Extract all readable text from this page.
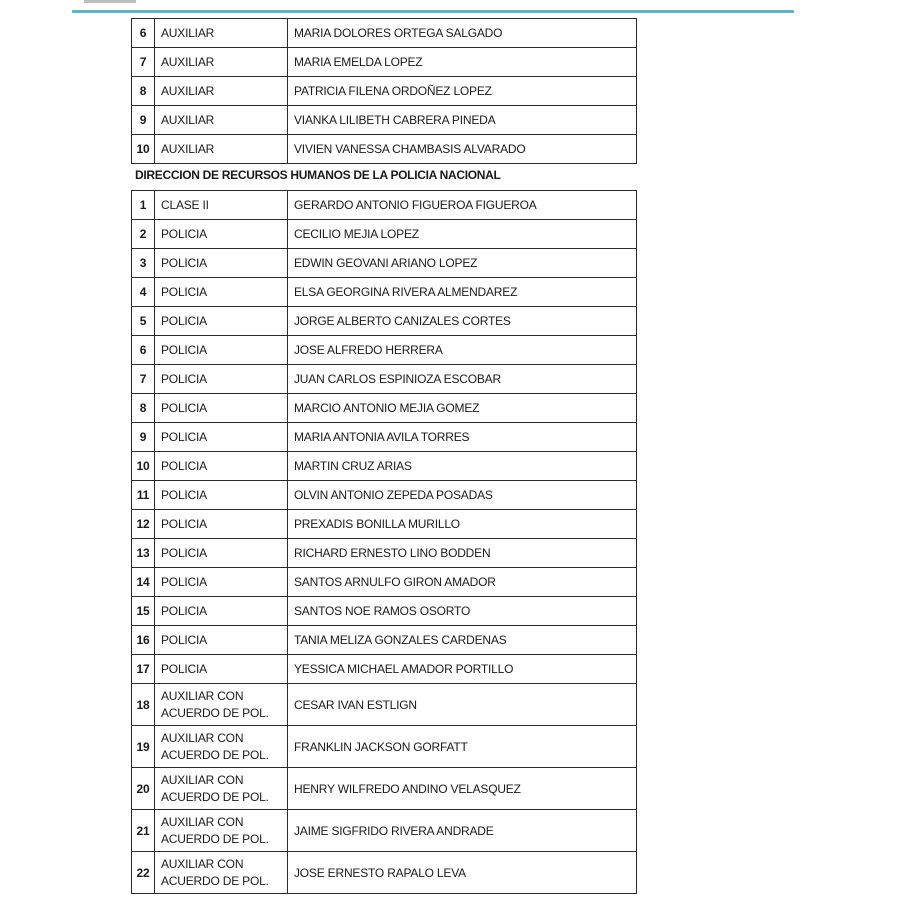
6	AUXILIAR	MARIA DOLORES ORTEGA SALGADO
7	AUXILIAR	MARIA EMELDA LOPEZ
8	AUXILIAR	PATRICIA FILENA ORDOÑEZ LOPEZ
9	AUXILIAR	VIANKA LILIBETH CABRERA PINEDA
10	AUXILIAR	VIVIEN VANESSA CHAMBASIS ALVARADO
DIRECCION DE RECURSOS HUMANOS DE LA POLICIA NACIONAL
1	CLASE II	GERARDO ANTONIO FIGUEROA FIGUEROA
2	POLICIA	CECILIO MEJIA LOPEZ
3	POLICIA	EDWIN GEOVANI ARIANO LOPEZ
4	POLICIA	ELSA GEORGINA RIVERA ALMENDAREZ
5	POLICIA	JORGE ALBERTO CANIZALES CORTES
6	POLICIA	JOSE ALFREDO HERRERA
7	POLICIA	JUAN CARLOS ESPINIOZA ESCOBAR
8	POLICIA	MARCIO ANTONIO MEJIA GOMEZ
9	POLICIA	MARIA ANTONIA AVILA TORRES
10	POLICIA	MARTIN CRUZ ARIAS
11	POLICIA	OLVIN ANTONIO ZEPEDA POSADAS
12	POLICIA	PREXADIS BONILLA MURILLO
13	POLICIA	RICHARD ERNESTO LINO BODDEN
14	POLICIA	SANTOS ARNULFO GIRON AMADOR
15	POLICIA	SANTOS NOE RAMOS OSORTO
16	POLICIA	TANIA MELIZA GONZALES CARDENAS
17	POLICIA	YESSICA MICHAEL AMADOR PORTILLO
18	AUXILIAR CON ACUERDO DE POL.	CESAR IVAN ESTLIGN
19	AUXILIAR CON ACUERDO DE POL.	FRANKLIN JACKSON GORFATT
20	AUXILIAR CON ACUERDO DE POL.	HENRY WILFREDO ANDINO VELASQUEZ
21	AUXILIAR CON ACUERDO DE POL.	JAIME SIGFRIDO RIVERA ANDRADE
22	AUXILIAR CON ACUERDO DE POL.	JOSE ERNESTO RAPALO LEVA
